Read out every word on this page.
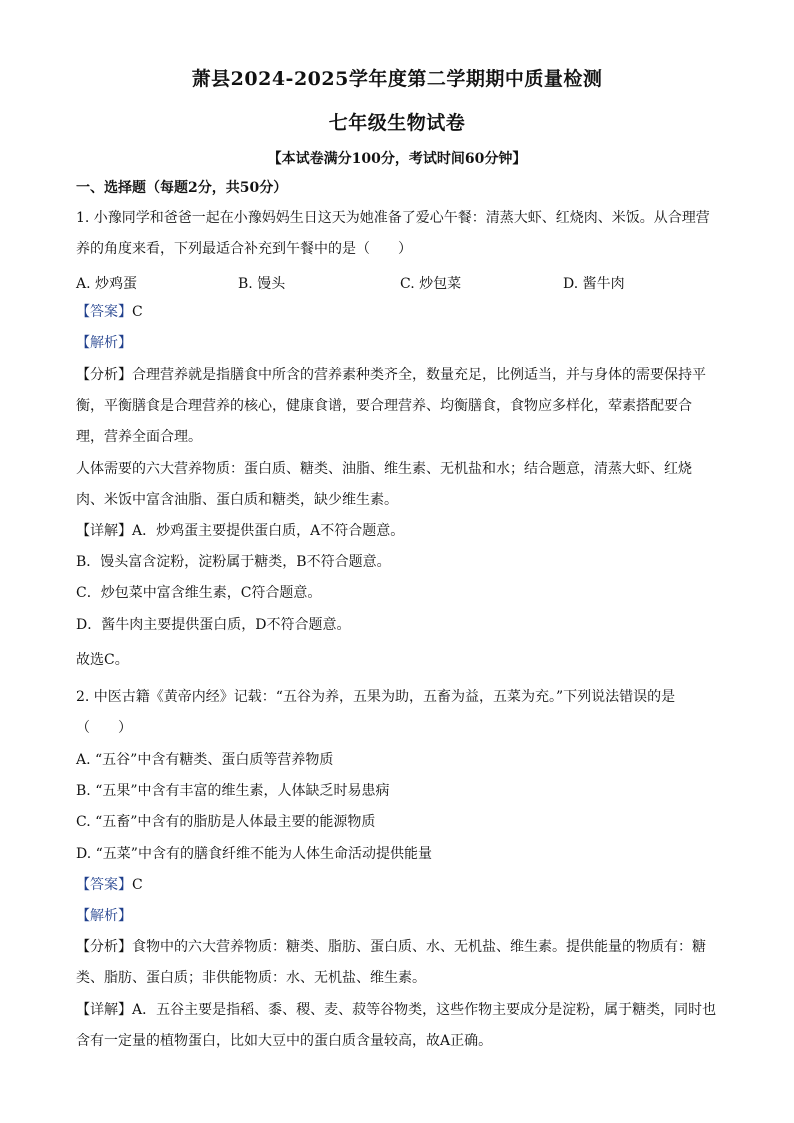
萧县2024-2025学年度第二学期期中质量检测
七年级生物试卷
【本试卷满分100分，考试时间60分钟】
一、选择题（每题2分，共50分）
1. 小豫同学和爸爸一起在小豫妈妈生日这天为她准备了爱心午餐：清蒸大虾、红烧肉、米饭。从合理营
养的角度来看，下列最适合补充到午餐中的是（　　）
A. 炒鸡蛋	B. 馒头	C. 炒包菜	D. 酱牛肉
【答案】C
【解析】
【分析】合理营养就是指膳食中所含的营养素种类齐全，数量充足，比例适当，并与身体的需要保持平
衡，平衡膳食是合理营养的核心，健康食谱，要合理营养、均衡膳食，食物应多样化，荤素搭配要合
理，营养全面合理。
人体需要的六大营养物质：蛋白质、糖类、油脂、维生素、无机盐和水；结合题意，清蒸大虾、红烧
肉、米饭中富含油脂、蛋白质和糖类，缺少维生素。
【详解】A．炒鸡蛋主要提供蛋白质，A不符合题意。
B．馒头富含淀粉，淀粉属于糖类，B不符合题意。
C．炒包菜中富含维生素，C符合题意。
D．酱牛肉主要提供蛋白质，D不符合题意。
故选C。
2. 中医古籍《黄帝内经》记载：“五谷为养，五果为助，五畜为益，五菜为充。”下列说法错误的是
（　　）
A. “五谷”中含有糖类、蛋白质等营养物质
B. “五果”中含有丰富的维生素，人体缺乏时易患病
C. “五畜”中含有的脂肪是人体最主要的能源物质
D. “五菜”中含有的膳食纤维不能为人体生命活动提供能量
【答案】C
【解析】
【分析】食物中的六大营养物质：糖类、脂肪、蛋白质、水、无机盐、维生素。提供能量的物质有：糖
类、脂肪、蛋白质；非供能物质：水、无机盐、维生素。
【详解】A．五谷主要是指稻、黍、稷、麦、菽等谷物类，这些作物主要成分是淀粉，属于糖类，同时也
含有一定量的植物蛋白，比如大豆中的蛋白质含量较高，故A正确。
